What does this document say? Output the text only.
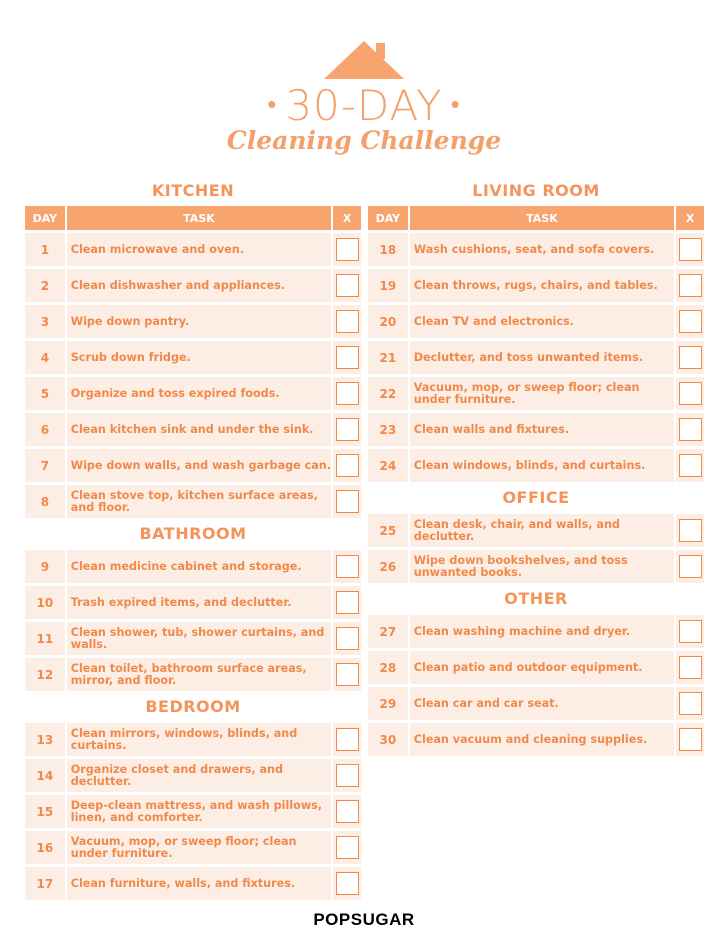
• 30-DAY •
Cleaning Challenge
KITCHEN
DAY	TASK	X
1	Clean microwave and oven.
2	Clean dishwasher and appliances.
3	Wipe down pantry.
4	Scrub down fridge.
5	Organize and toss expired foods.
6	Clean kitchen sink and under the sink.
7	Wipe down walls, and wash garbage can.
8	Clean stove top, kitchen surface areas, and floor.
BATHROOM
9	Clean medicine cabinet and storage.
10	Trash expired items, and declutter.
11	Clean shower, tub, shower curtains, and walls.
12	Clean toilet, bathroom surface areas, mirror, and floor.
BEDROOM
13	Clean mirrors, windows, blinds, and curtains.
14	Organize closet and drawers, and declutter.
15	Deep-clean mattress, and wash pillows, linen, and comforter.
16	Vacuum, mop, or sweep floor; clean under furniture.
17	Clean furniture, walls, and fixtures.
LIVING ROOM
DAY	TASK	X
18	Wash cushions, seat, and sofa covers.
19	Clean throws, rugs, chairs, and tables.
20	Clean TV and electronics.
21	Declutter, and toss unwanted items.
22	Vacuum, mop, or sweep floor; clean under furniture.
23	Clean walls and fixtures.
24	Clean windows, blinds, and curtains.
OFFICE
25	Clean desk, chair, and walls, and declutter.
26	Wipe down bookshelves, and toss unwanted books.
OTHER
27	Clean washing machine and dryer.
28	Clean patio and outdoor equipment.
29	Clean car and car seat.
30	Clean vacuum and cleaning supplies.
POPSUGAR
